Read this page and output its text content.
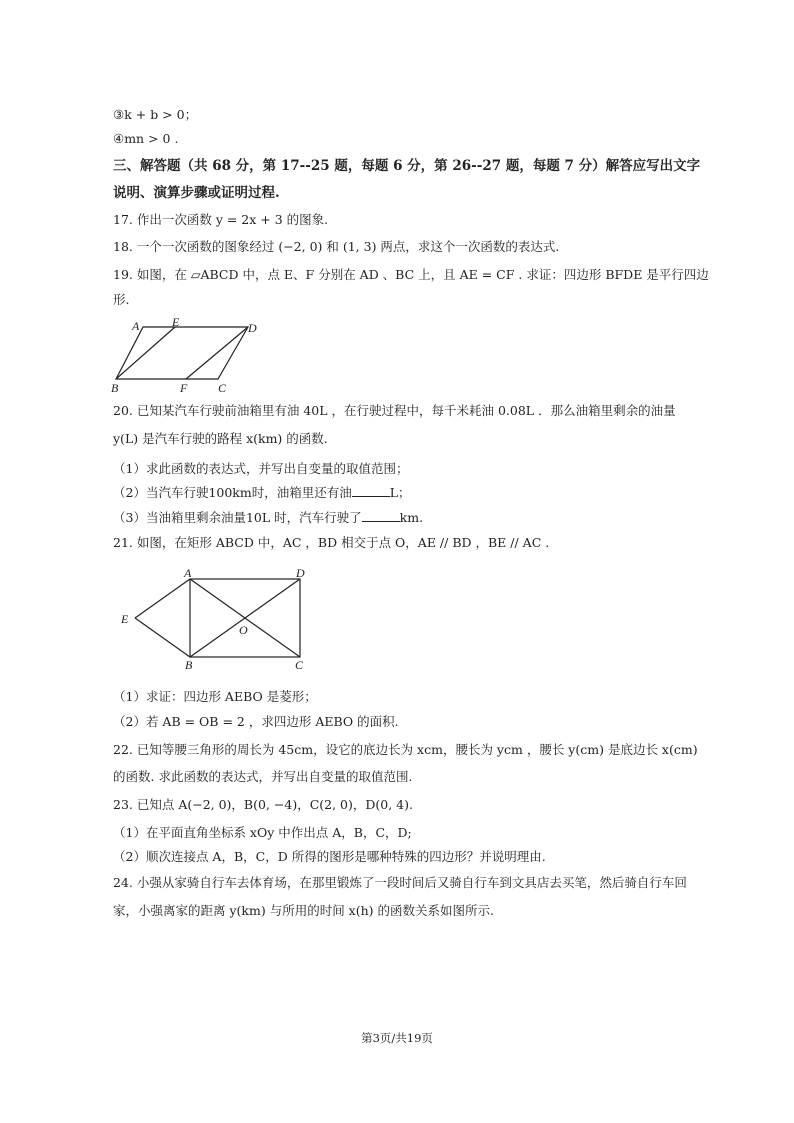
③k + b > 0；
④mn > 0 .
三、解答题（共 68 分，第 17--25 题，每题 6 分，第 26--27 题，每题 7 分）解答应写出文字
说明、演算步骤或证明过程.
17. 作出一次函数 y = 2x + 3 的图象.
18. 一个一次函数的图象经过 (−2, 0) 和 (1, 3) 两点，求这个一次函数的表达式.
19. 如图，在 ▱ABCD 中，点 E、F 分别在 AD 、BC 上，且 AE = CF . 求证：四边形 BFDE 是平行四边
形.
A	E	D
B	F	C
20. 已知某汽车行驶前油箱里有油 40L ，在行驶过程中，每千米耗油 0.08L ．那么油箱里剩余的油量
y(L) 是汽车行驶的路程 x(km) 的函数.
（1）求此函数的表达式，并写出自变量的取值范围；
（2）当汽车行驶100km时，油箱里还有油	L；
（3）当油箱里剩余油量10L 时，汽车行驶了	km.
21. 如图，在矩形 ABCD 中，AC ，BD 相交于点 O，AE // BD ，BE // AC .
A	D
E
O
B	C
（1）求证：四边形 AEBO 是菱形；
（2）若 AB = OB = 2 ，求四边形 AEBO 的面积.
22. 已知等腰三角形的周长为 45cm，设它的底边长为 xcm，腰长为 ycm ，腰长 y(cm) 是底边长 x(cm)
的函数. 求此函数的表达式，并写出自变量的取值范围.
23. 已知点 A(−2, 0)，B(0, −4)，C(2, 0)，D(0, 4).
（1）在平面直角坐标系 xOy 中作出点 A，B，C，D;
（2）顺次连接点 A，B，C，D 所得的图形是哪种特殊的四边形？并说明理由.
24. 小强从家骑自行车去体育场，在那里锻炼了一段时间后又骑自行车到文具店去买笔，然后骑自行车回
家，小强离家的距离 y(km) 与所用的时间 x(h) 的函数关系如图所示.
第3页/共19页
